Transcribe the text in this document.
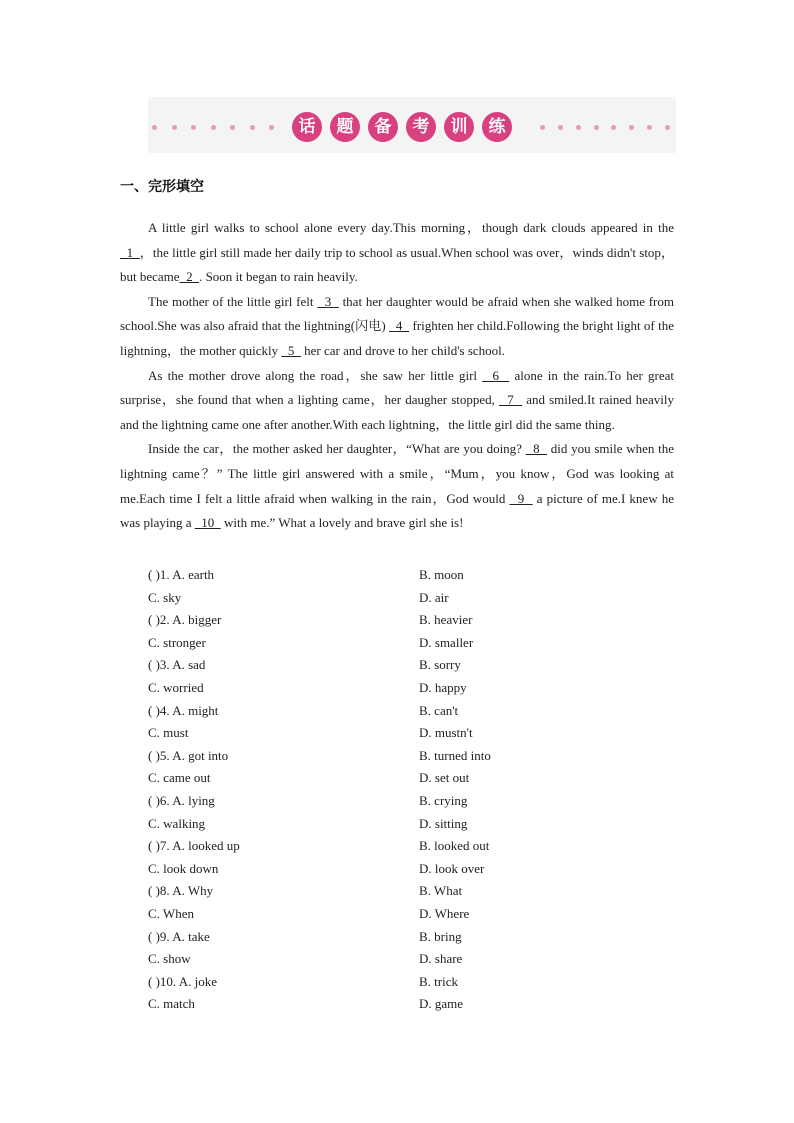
话	题	备	考	训	练
一、完形填空

A little girl walks to school alone every day.This morning，though dark clouds appeared in the   1  ，the little girl still made her daily trip to school as usual.When school was over，winds didn't stop，but became  2  . Soon it began to rain heavily.

The mother of the little girl felt   3   that her daughter would be afraid when she walked home from school.She was also afraid that the lightning(闪电)   4   frighten her child.Following the bright light of the lightning，the mother quickly   5   her car and drove to her child's school.

As the mother drove along the road，she saw her little girl   6   alone in the rain.To her great surprise，she found that when a lighting came，her daugher stopped,   7   and smiled.It rained heavily and the lightning came one after another.With each lightning，the little girl did the same thing.

Inside the car，the mother asked her daughter，“What are you doing?   8   did you smile when the lightning came？” The little girl answered with a smile，“Mum，you know，God was looking at me.Each time I felt a little afraid when walking in the rain，God would   9   a picture of me.I knew he was playing a   10   with me.” What a lovely and brave girl she is!

( )1. A. earth	B. moon
C. sky	D. air
( )2. A. bigger	B. heavier
C. stronger	D. smaller
( )3. A. sad	B. sorry
C. worried	D. happy
( )4. A. might	B. can't
C. must	D. mustn't
( )5. A. got into	B. turned into
C. came out	D. set out
( )6. A. lying	B. crying
C. walking	D. sitting
( )7. A. looked up	B. looked out
C. look down	D. look over
( )8. A. Why	B. What
C. When	D. Where
( )9. A. take	B. bring
C. show	D. share
( )10. A. joke	B. trick
C. match	D. game
